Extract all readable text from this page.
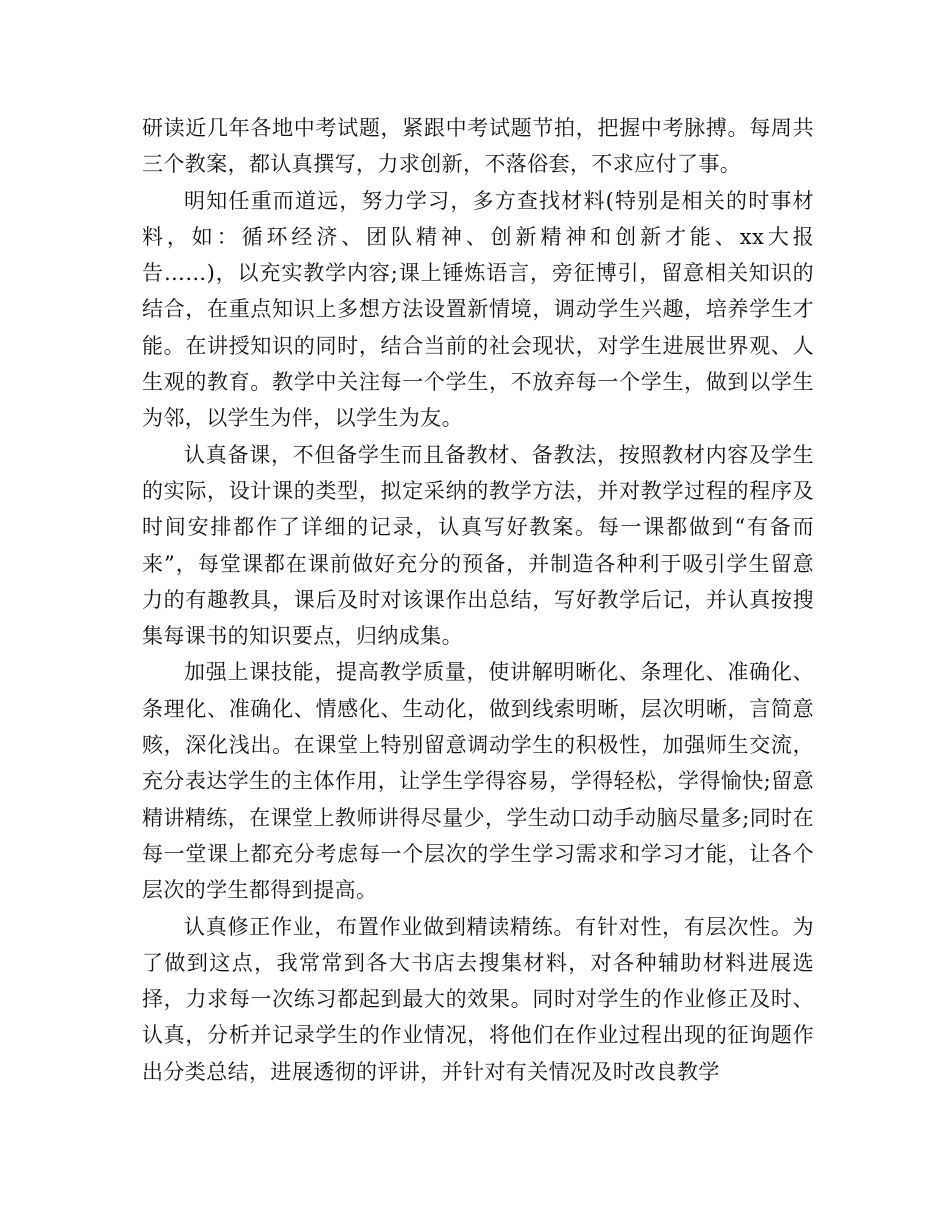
研读近几年各地中考试题，紧跟中考试题节拍，把握中考脉搏。每周共三个教案，都认真撰写，力求创新，不落俗套，不求应付了事。

明知任重而道远，努力学习，多方查找材料(特别是相关的时事材料，如：循环经济、团队精神、创新精神和创新才能、xx大报告……)，以充实教学内容;课上锤炼语言，旁征博引，留意相关知识的结合，在重点知识上多想方法设置新情境，调动学生兴趣，培养学生才能。在讲授知识的同时，结合当前的社会现状，对学生进展世界观、人生观的教育。教学中关注每一个学生，不放弃每一个学生，做到以学生为邻，以学生为伴，以学生为友。

认真备课，不但备学生而且备教材、备教法，按照教材内容及学生的实际，设计课的类型，拟定采纳的教学方法，并对教学过程的程序及时间安排都作了详细的记录，认真写好教案。每一课都做到“有备而来”，每堂课都在课前做好充分的预备，并制造各种利于吸引学生留意力的有趣教具，课后及时对该课作出总结，写好教学后记，并认真按搜集每课书的知识要点，归纳成集。

加强上课技能，提高教学质量，使讲解明晰化、条理化、准确化、条理化、准确化、情感化、生动化，做到线索明晰，层次明晰，言简意赅，深化浅出。在课堂上特别留意调动学生的积极性，加强师生交流，充分表达学生的主体作用，让学生学得容易，学得轻松，学得愉快;留意精讲精练，在课堂上教师讲得尽量少，学生动口动手动脑尽量多;同时在每一堂课上都充分考虑每一个层次的学生学习需求和学习才能，让各个层次的学生都得到提高。

认真修正作业，布置作业做到精读精练。有针对性，有层次性。为了做到这点，我常常到各大书店去搜集材料，对各种辅助材料进展选择，力求每一次练习都起到最大的效果。同时对学生的作业修正及时、认真，分析并记录学生的作业情况，将他们在作业过程出现的征询题作出分类总结，进展透彻的评讲，并针对有关情况及时改良教学
